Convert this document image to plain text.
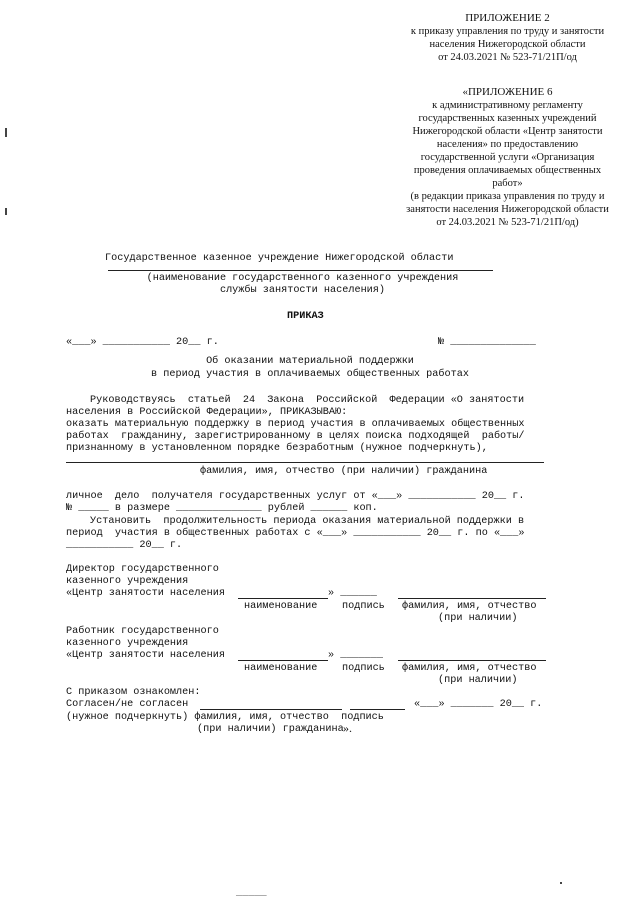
ПРИЛОЖЕНИЕ 2
к приказу управления по труду и занятости
населения Нижегородской области
от 24.03.2021 № 523-71/21П/од
«ПРИЛОЖЕНИЕ 6
к административному регламенту
государственных казенных учреждений
Нижегородской области «Центр занятости
населения» по предоставлению
государственной услуги «Организация
проведения оплачиваемых общественных
работ»
(в редакции приказа управления по труду и
занятости населения Нижегородской области
от 24.03.2021 № 523-71/21П/од)
Государственное казенное учреждение Нижегородской области
(наименование государственного казенного учреждения
службы занятости населения)
ПРИКАЗ
«___» ___________ 20__ г.	№ ______________
Об оказании материальной поддержки
в период участия в оплачиваемых общественных работах
Руководствуясь  статьей  24  Закона  Российской  Федерации «О занятости
населения в Российской Федерации», ПРИКАЗЫВАЮ:
оказать материальную поддержку в период участия в оплачиваемых общественных
работах  гражданину, зарегистрированному в целях поиска подходящей  работы/
признанному в установленном порядке безработным (нужное подчеркнуть),
фамилия, имя, отчество (при наличии) гражданина
личное  дело  получателя государственных услуг от «___» ___________ 20__ г.
№ _____ в размере ______________ рублей ______ коп.
Установить  продолжительность периода оказания материальной поддержки в
период  участия в общественных работах с «___» ___________ 20__ г. по «___»
___________ 20__ г.
Директор государственного
казенного учреждения
«Центр занятости населения	» ______
наименование подпись фамилия, имя, отчество
(при наличии)
Работник государственного
казенного учреждения
«Центр занятости населения	» _______
наименование подпись фамилия, имя, отчество
(при наличии)
С приказом ознакомлен:
Согласен/не согласен	«___» _______ 20__ г.
(нужное подчеркнуть) фамилия, имя, отчество  подпись
(при наличии) гражданина ».
_____
